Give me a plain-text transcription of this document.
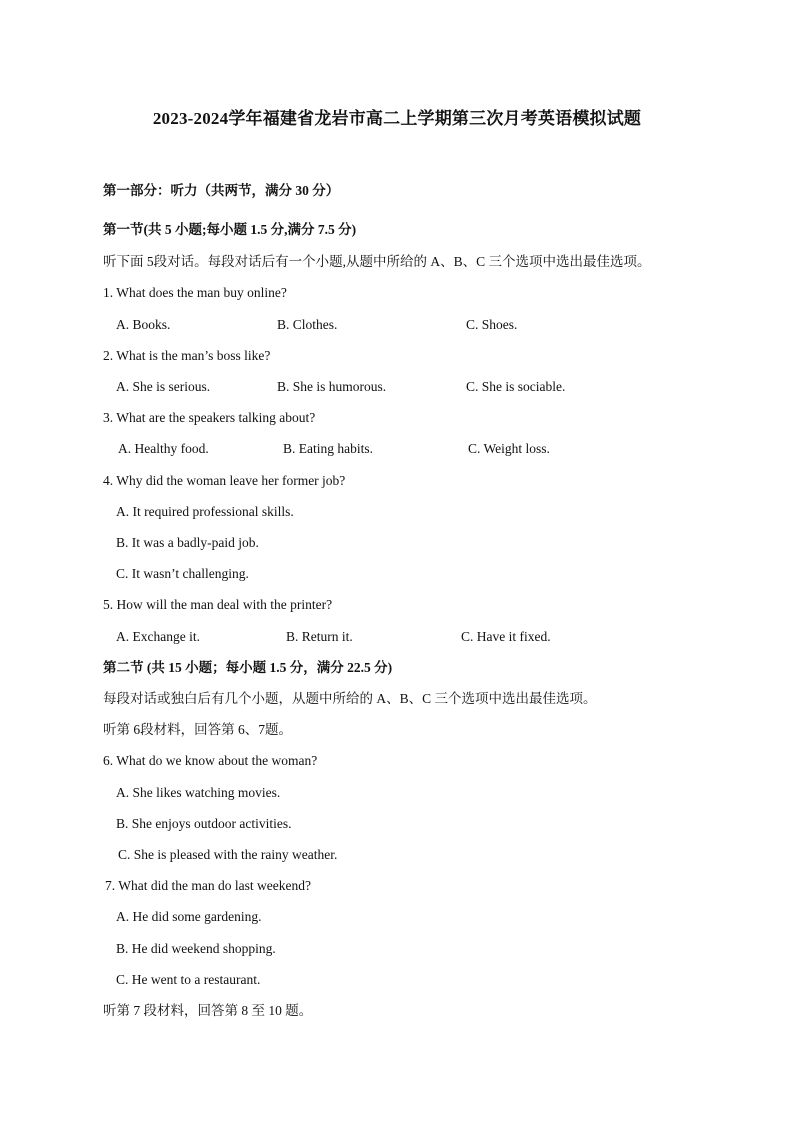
2023-2024学年福建省龙岩市高二上学期第三次月考英语模拟试题
第一部分：听力（共两节，满分 30 分）
第一节(共 5 小题;每小题 1.5 分,满分 7.5 分)
听下面 5段对话。每段对话后有一个小题,从题中所给的 A、B、C 三个选项中选出最佳选项。
1. What does the man buy online?
A. Books.	B. Clothes.	C. Shoes.
2. What is the man’s boss like?
A. She is serious.	B. She is humorous.	C. She is sociable.
3. What are the speakers talking about?
A. Healthy food.	B. Eating habits.	C. Weight loss.
4. Why did the woman leave her former job?
A. It required professional skills.
B. It was a badly-paid job.
C. It wasn’t challenging.
5. How will the man deal with the printer?
A. Exchange it.	B. Return it.	C. Have it fixed.
第二节 (共 15 小题；每小题 1.5 分，满分 22.5 分)
每段对话或独白后有几个小题，从题中所给的 A、B、C 三个选项中选出最佳选项。
听第 6段材料，回答第 6、7题。
6. What do we know about the woman?
A. She likes watching movies.
B. She enjoys outdoor activities.
C. She is pleased with the rainy weather.
7. What did the man do last weekend?
A. He did some gardening.
B. He did weekend shopping.
C. He went to a restaurant.
听第 7 段材料，回答第 8 至 10 题。
